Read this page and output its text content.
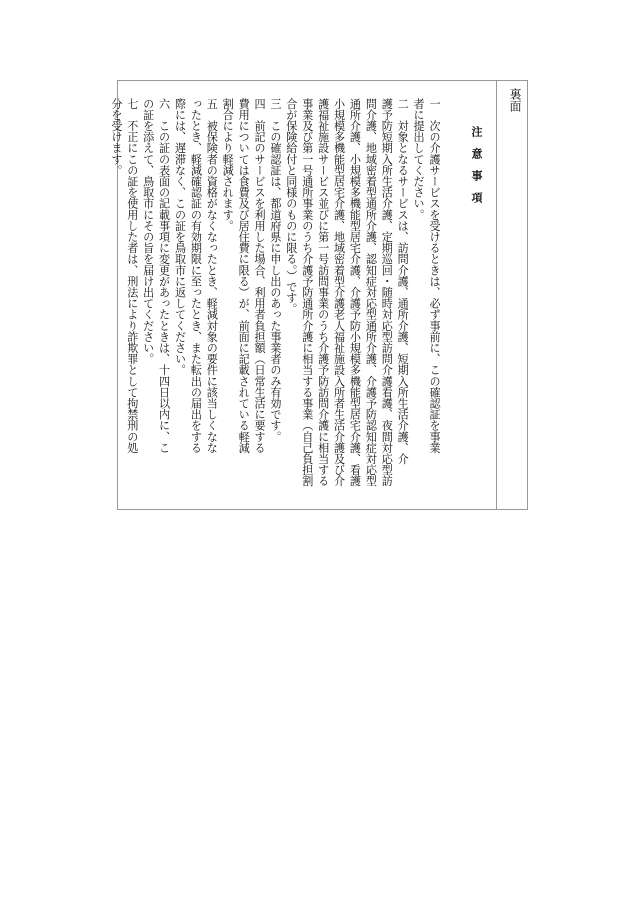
裏面
注意事項

一　次の介護サービスを受けるときは、必ず事前に、この確認証を事業

者に提出してください。

二　対象となるサービスは、訪問介護、通所介護、短期入所生活介護、介

護予防短期入所生活介護、定期巡回・随時対応型訪問介護看護、夜間対応型訪

問介護、地域密着型通所介護、認知症対応型通所介護、介護予防認知症対応型

通所介護、小規模多機能型居宅介護、介護予防小規模多機能型居宅介護、看護

小規模多機能型居宅介護、地域密着型介護老人福祉施設入所者生活介護及び介

護福祉施設サービス並びに第一号訪問事業のうち介護予防訪問介護に相当する

事業及び第一号通所事業のうち介護予防通所介護に相当する事業（自己負担割

合が保険給付と同様のものに限る。）です。

三　この確認証は、都道府県に申し出のあった事業者のみ有効です。

四　前記のサービスを利用した場合、利用者負担額（日常生活に要する

費用については食費及び居住費に限る）が、前面に記載されている軽減

割合により軽減されます。

五　被保険者の資格がなくなったとき、軽減対象の要件に該当しくなな

ったとき、軽減確認証の有効期限に至ったとき、また転出の届出をする

際には、遅滞なく、この証を鳥取市に返してください。

六　この証の表面の記載事項に変更があったときは、十四日以内に、こ

の証を添えて、鳥取市にその旨を届け出てください。

七　不正にこの証を使用した者は、刑法により詐欺罪として拘禁刑の処

分を受けます。
